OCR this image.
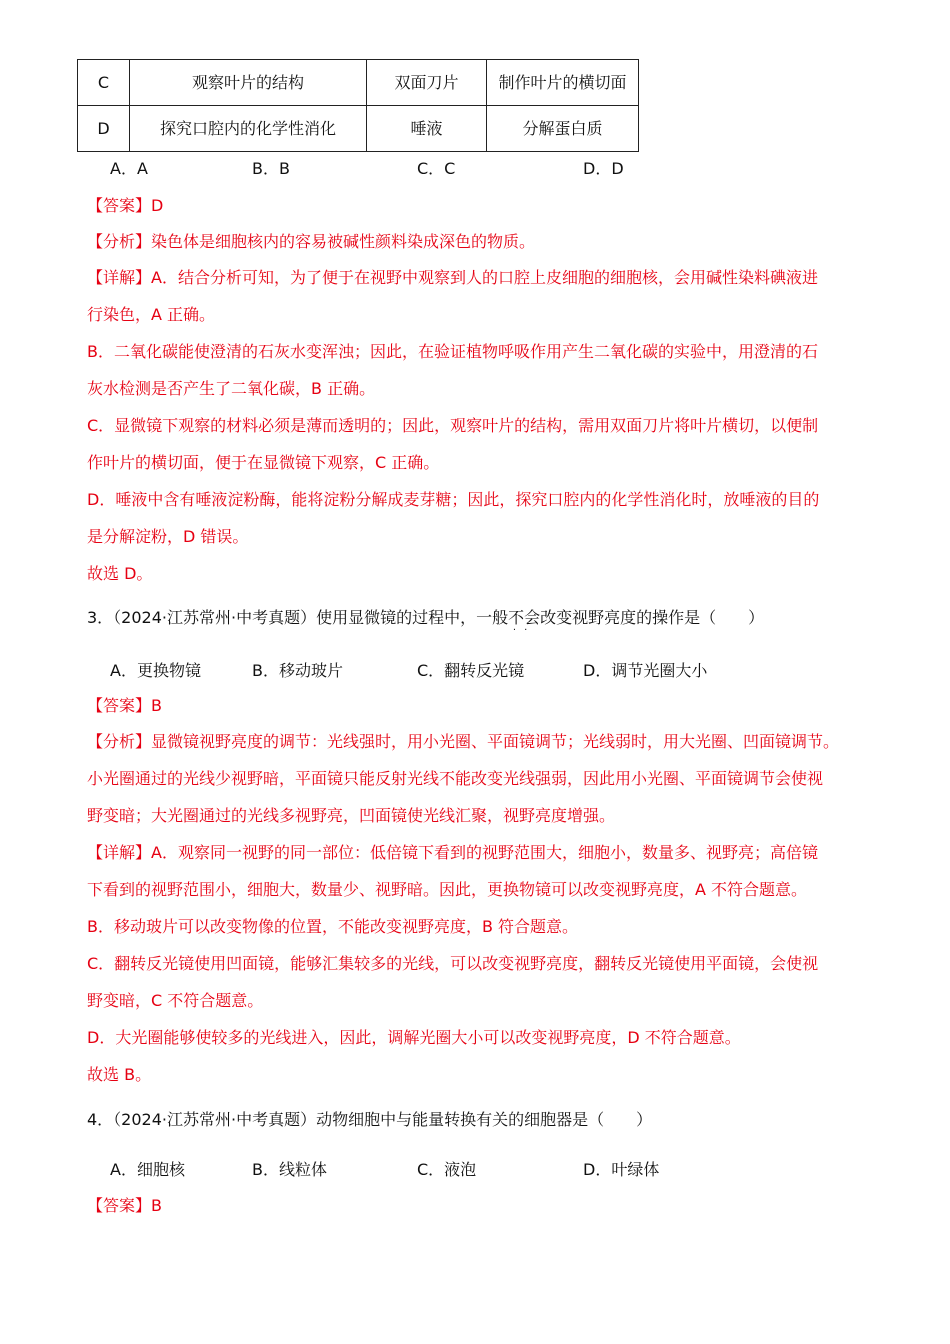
C	观察叶片的结构	双面刀片	制作叶片的横切面
D	探究口腔内的化学性消化	唾液	分解蛋白质
A．A	B．B	C．C	D．D
【答案】D
【分析】染色体是细胞核内的容易被碱性颜料染成深色的物质。
【详解】A．结合分析可知，为了便于在视野中观察到人的口腔上皮细胞的细胞核，会用碱性染料碘液进
行染色，A 正确。
B．二氧化碳能使澄清的石灰水变浑浊；因此，在验证植物呼吸作用产生二氧化碳的实验中，用澄清的石
灰水检测是否产生了二氧化碳，B 正确。
C．显微镜下观察的材料必须是薄而透明的；因此，观察叶片的结构，需用双面刀片将叶片横切，以便制
作叶片的横切面，便于在显微镜下观察，C 正确。
D．唾液中含有唾液淀粉酶，能将淀粉分解成麦芽糖；因此，探究口腔内的化学性消化时，放唾液的目的
是分解淀粉，D 错误。
故选 D。
3．（2024·江苏常州·中考真题）使用显微镜的过程中，一般不会
··
改变视野亮度的操作是（　　）
A．更换物镜	B．移动玻片	C．翻转反光镜	D．调节光圈大小
【答案】B
【分析】显微镜视野亮度的调节：光线强时，用小光圈、平面镜调节；光线弱时，用大光圈、凹面镜调节。
小光圈通过的光线少视野暗，平面镜只能反射光线不能改变光线强弱，因此用小光圈、平面镜调节会使视
野变暗；大光圈通过的光线多视野亮，凹面镜使光线汇聚，视野亮度增强。
【详解】A．观察同一视野的同一部位：低倍镜下看到的视野范围大，细胞小，数量多、视野亮；高倍镜
下看到的视野范围小，细胞大，数量少、视野暗。因此，更换物镜可以改变视野亮度，A 不符合题意。
B．移动玻片可以改变物像的位置，不能改变视野亮度，B 符合题意。
C．翻转反光镜使用凹面镜，能够汇集较多的光线，可以改变视野亮度，翻转反光镜使用平面镜，会使视
野变暗，C 不符合题意。
D．大光圈能够使较多的光线进入，因此，调解光圈大小可以改变视野亮度，D 不符合题意。
故选 B。
4．（2024·江苏常州·中考真题）动物细胞中与能量转换有关的细胞器是（　　）
A．细胞核	B．线粒体	C．液泡	D．叶绿体
【答案】B
